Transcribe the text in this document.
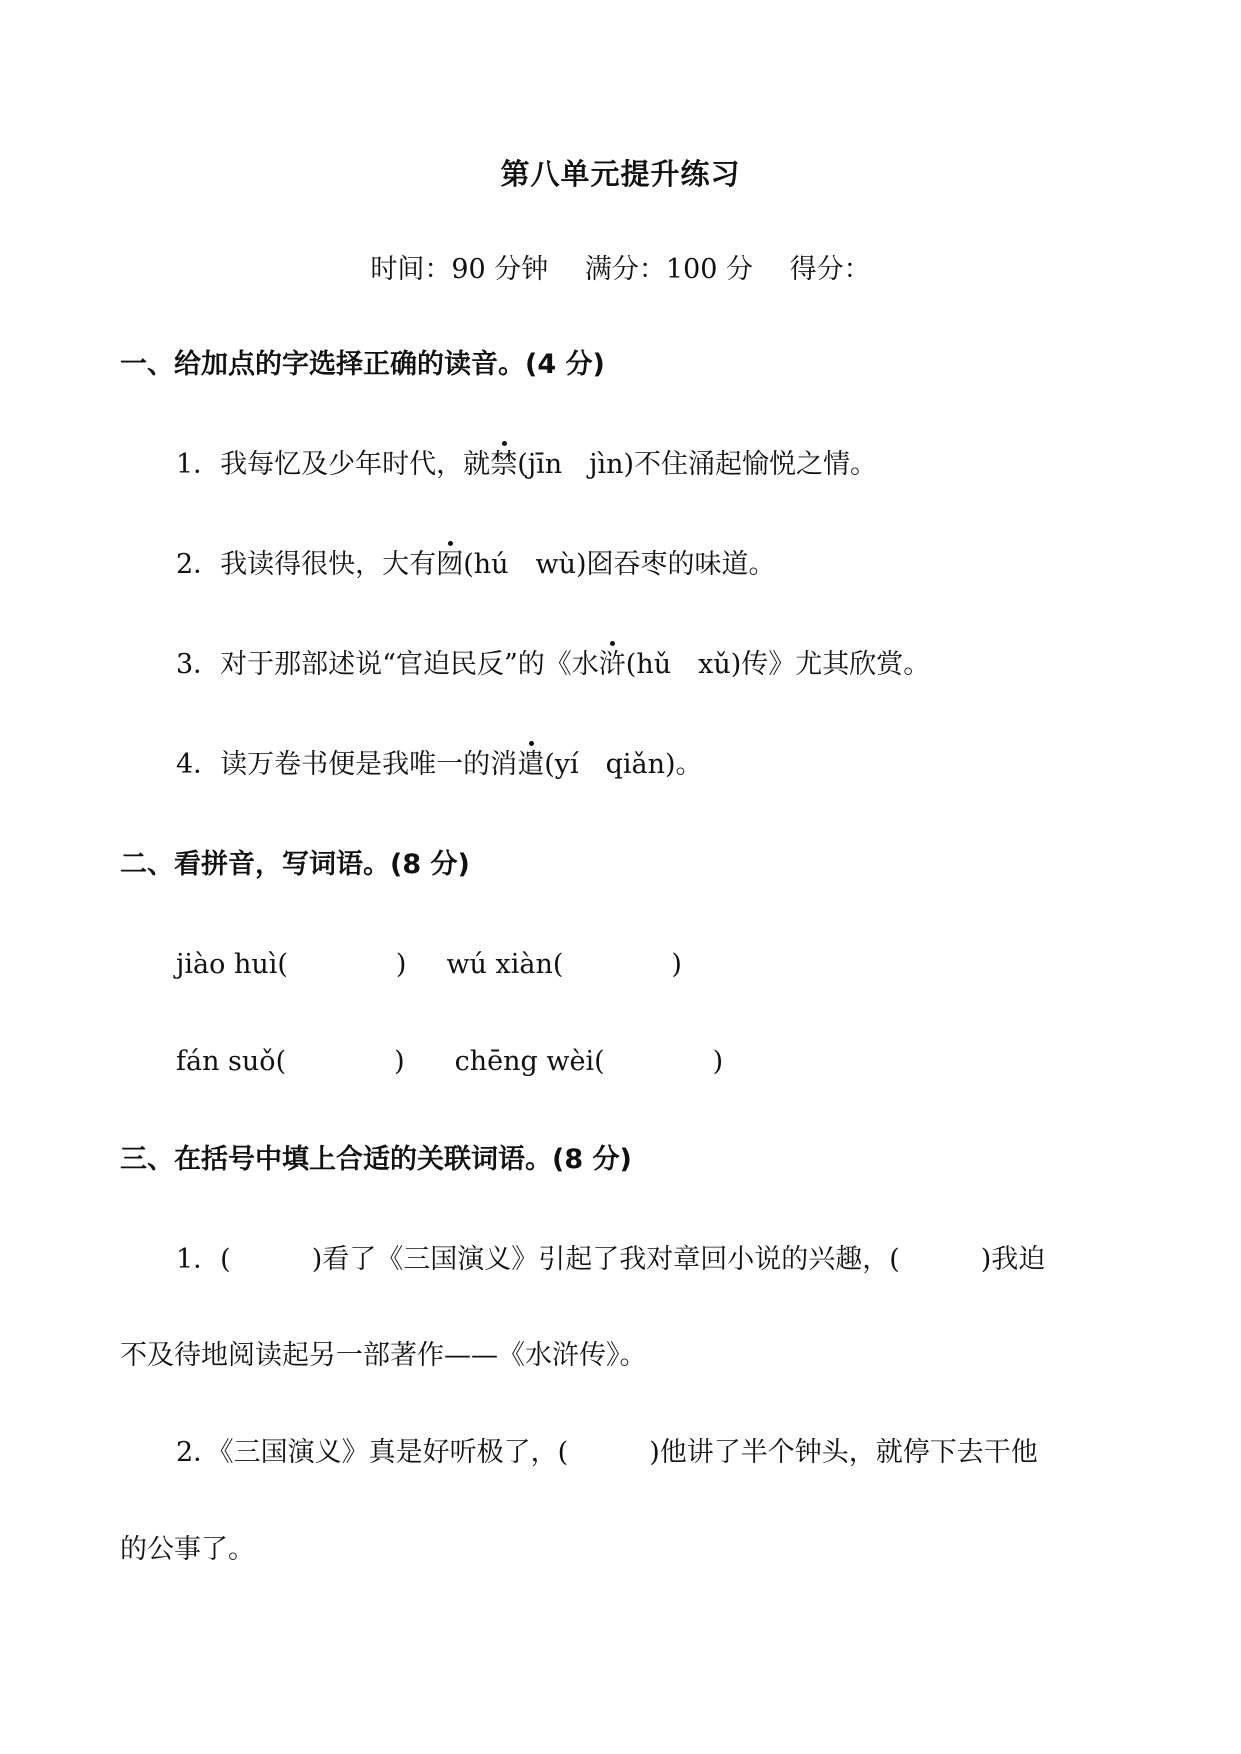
第八单元提升练习
时间：90 分钟 满分：100 分 得分：
一、给加点的字选择正确的读音。(4 分)
1．我每忆及少年时代，就禁(jīn　jìn)不住涌起愉悦之情。
2．我读得很快，大有囫(hú　wù)囵吞枣的味道。
3．对于那部述说“官迫民反”的《水浒(hǔ　xǔ)传》尤其欣赏。
4．读万卷书便是我唯一的消遣(yí　qiǎn)。
二、看拼音，写词语。(8 分)
jiào huì(　　　　) wú xiàn(　　　　)
fán suǒ(　　　　) chēng wèi(　　　　)
三、在括号中填上合适的关联词语。(8 分)
1．(　　　)看了《三国演义》引起了我对章回小说的兴趣，(　　　)我迫
不及待地阅读起另一部著作——《水浒传》。
2．《三国演义》真是好听极了，(　　　)他讲了半个钟头，就停下去干他
的公事了。
